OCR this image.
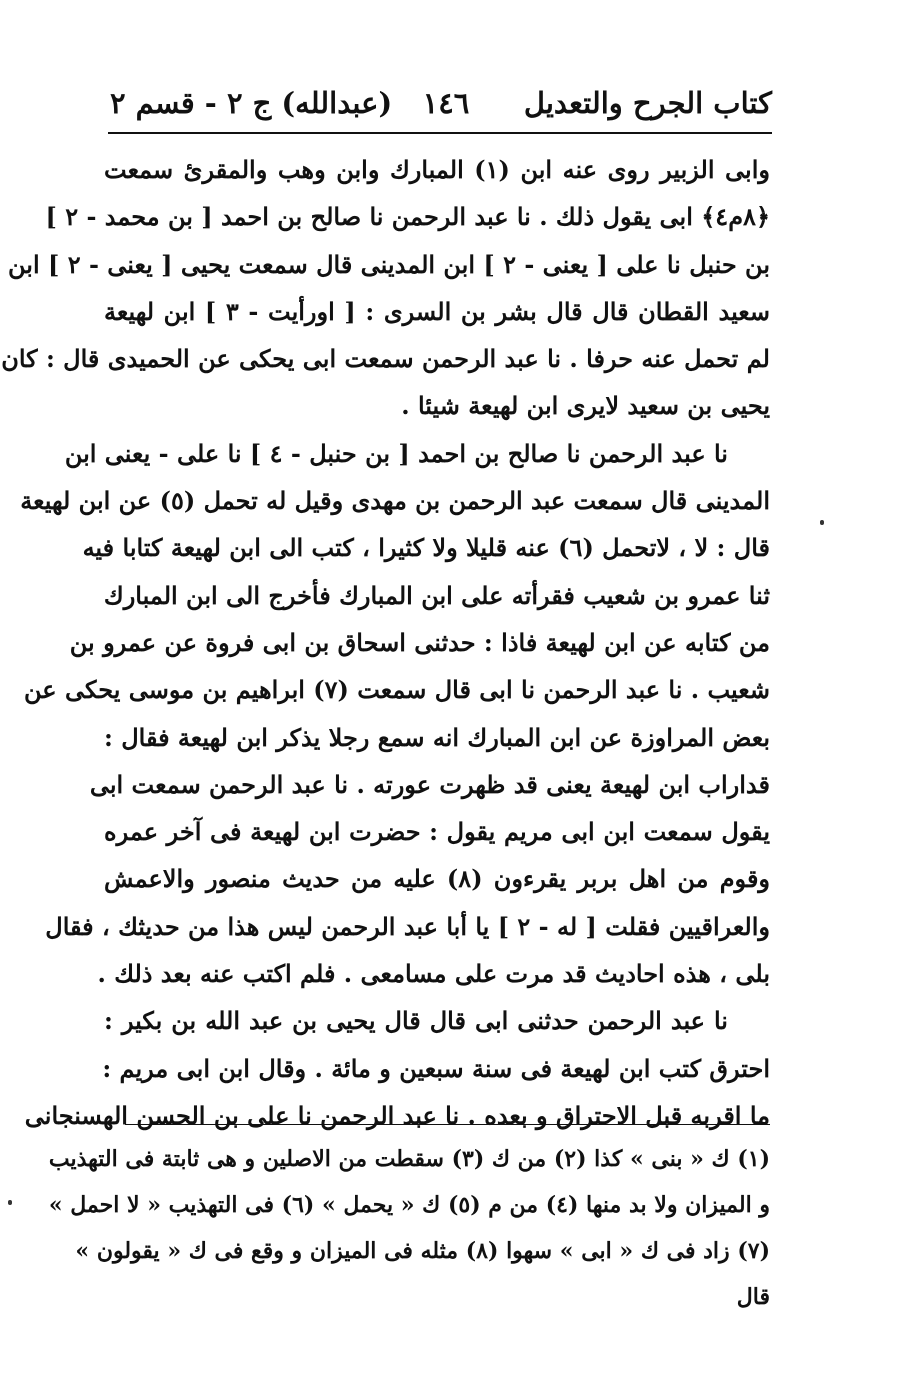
كتاب الجرح والتعديل
١٤٦
(عبدالله) ج ٢ - قسم ٢
وابى الزبير روى عنه ابن (١) المبارك وابن وهب والمقرئ سمعت
﴿٨م٤﴾ ابى يقول ذلك . نا عبد الرحمن نا صالح بن احمد [ بن محمد - ٢ ]
بن حنبل نا على [ يعنى - ٢ ] ابن المدينى قال سمعت يحيى [ يعنى - ٢ ] ابن
سعيد القطان قال قال بشر بن السرى : [ اورأيت - ٣ ] ابن لهيعة
لم تحمل عنه حرفا . نا عبد الرحمن سمعت ابى يحكى عن الحميدى قال : كان
يحيى بن سعيد لايرى ابن لهيعة شيئا .
نا عبد الرحمن نا صالح بن احمد [ بن حنبل - ٤ ] نا على - يعنى ابن
المدينى قال سمعت عبد الرحمن بن مهدى وقيل له تحمل (٥) عن ابن لهيعة
قال : لا ، لاتحمل (٦) عنه قليلا ولا كثيرا ، كتب الى ابن لهيعة كتابا فيه
ثنا عمرو بن شعيب فقرأته على ابن المبارك فأخرج الى ابن المبارك
من كتابه عن ابن لهيعة فاذا : حدثنى اسحاق بن ابى فروة عن عمرو بن
شعيب . نا عبد الرحمن نا ابى قال سمعت (٧) ابراهيم بن موسى يحكى عن
بعض المراوزة عن ابن المبارك انه سمع رجلا يذكر ابن لهيعة فقال :
قداراب ابن لهيعة يعنى قد ظهرت عورته . نا عبد الرحمن سمعت ابى
يقول سمعت ابن ابى مريم يقول : حضرت ابن لهيعة فى آخر عمره
وقوم من اهل بربر يقرءون (٨) عليه من حديث منصور والاعمش
والعراقيين فقلت [ له - ٢ ] يا أبا عبد الرحمن ليس هذا من حديثك ، فقال
بلى ، هذه احاديث قد مرت على مسامعى . فلم اكتب عنه بعد ذلك .
نا عبد الرحمن حدثنى ابى قال قال يحيى بن عبد الله بن بكير :
احترق كتب ابن لهيعة فى سنة سبعين و مائة . وقال ابن ابى مريم :
ما اقربه قبل الاحتراق و بعده . نا عبد الرحمن نا على بن الحسن الهسنجانى
(١) ك « بنى » كذا (٢) من ك (٣) سقطت من الاصلين و هى ثابتة فى التهذيب
و الميزان ولا بد منها (٤) من م (٥) ك « يحمل » (٦) فى التهذيب « لا احمل »
(٧) زاد فى ك « ابى » سهوا (٨) مثله فى الميزان و وقع فى ك « يقولون »
قال
